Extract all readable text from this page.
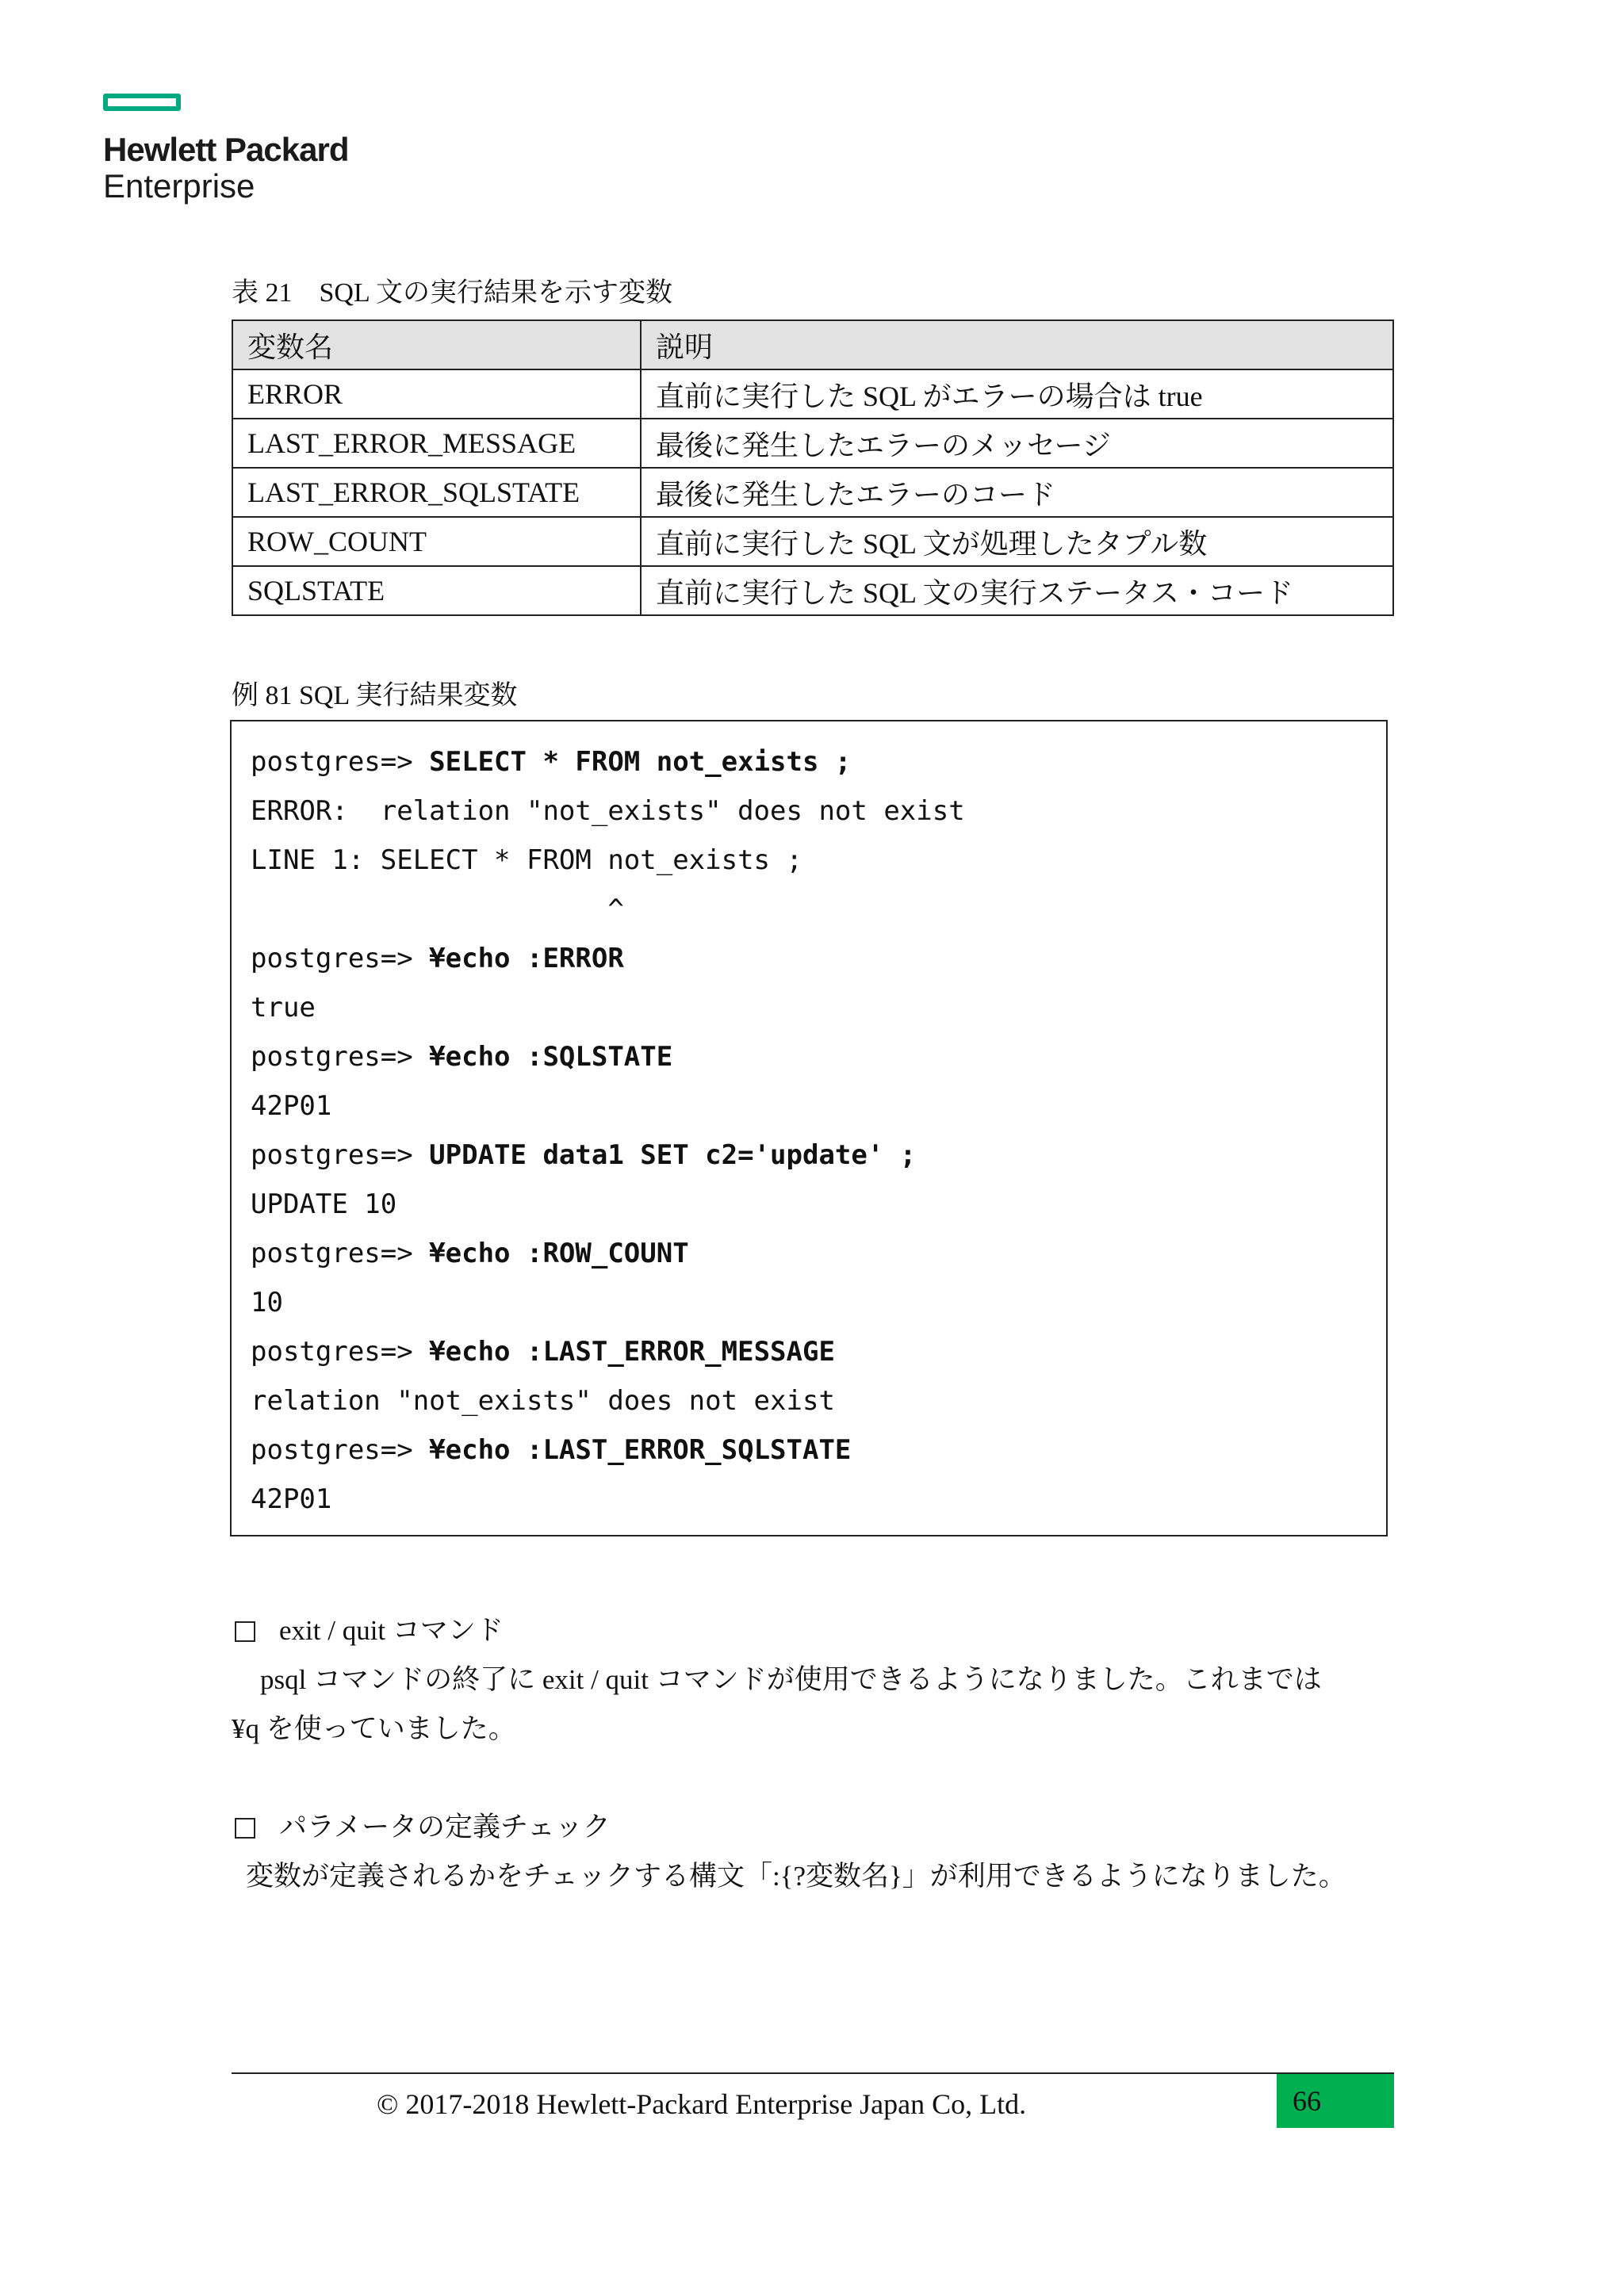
Hewlett Packard
Enterprise
表 21　SQL 文の実行結果を示す変数
変数名	説明
ERROR	直前に実行した SQL がエラーの場合は true
LAST_ERROR_MESSAGE	最後に発生したエラーのメッセージ
LAST_ERROR_SQLSTATE	最後に発生したエラーのコード
ROW_COUNT	直前に実行した SQL 文が処理したタプル数
SQLSTATE	直前に実行した SQL 文の実行ステータス・コード
例 81 SQL 実行結果変数
postgres=> SELECT * FROM not_exists ;
ERROR:  relation "not_exists" does not exist
LINE 1: SELECT * FROM not_exists ;
^
postgres=> ¥echo :ERROR
true
postgres=> ¥echo :SQLSTATE
42P01
postgres=> UPDATE data1 SET c2='update' ;
UPDATE 10
postgres=> ¥echo :ROW_COUNT
10
postgres=> ¥echo :LAST_ERROR_MESSAGE
relation "not_exists" does not exist
postgres=> ¥echo :LAST_ERROR_SQLSTATE
42P01
exit / quit コマンド
psql コマンドの終了に exit / quit コマンドが使用できるようになりました。これまでは
¥q を使っていました。
パラメータの定義チェック
変数が定義されるかをチェックする構文「:{?変数名}」が利用できるようになりました。
© 2017-2018 Hewlett-Packard Enterprise Japan Co, Ltd.	66
